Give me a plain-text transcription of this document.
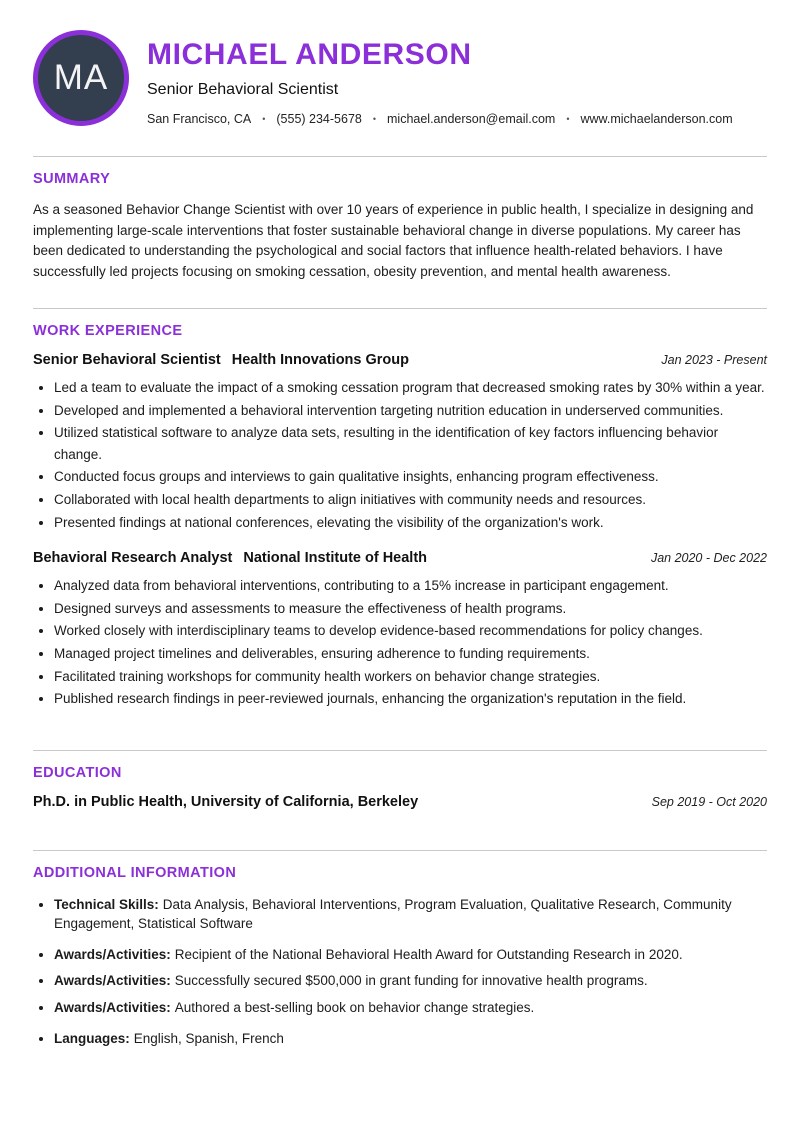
MA
MICHAEL ANDERSON
Senior Behavioral Scientist
San Francisco, CA • (555) 234-5678 • michael.anderson@email.com • www.michaelanderson.com
SUMMARY
As a seasoned Behavior Change Scientist with over 10 years of experience in public health, I specialize in designing and implementing large-scale interventions that foster sustainable behavioral change in diverse populations. My career has been dedicated to understanding the psychological and social factors that influence health-related behaviors. I have successfully led projects focusing on smoking cessation, obesity prevention, and mental health awareness.
WORK EXPERIENCE
Senior Behavioral Scientist Health Innovations Group	Jan 2023 - Present
• Led a team to evaluate the impact of a smoking cessation program that decreased smoking rates by 30% within a year.
• Developed and implemented a behavioral intervention targeting nutrition education in underserved communities.
• Utilized statistical software to analyze data sets, resulting in the identification of key factors influencing behavior change.
• Conducted focus groups and interviews to gain qualitative insights, enhancing program effectiveness.
• Collaborated with local health departments to align initiatives with community needs and resources.
• Presented findings at national conferences, elevating the visibility of the organization's work.
Behavioral Research Analyst National Institute of Health	Jan 2020 - Dec 2022
• Analyzed data from behavioral interventions, contributing to a 15% increase in participant engagement.
• Designed surveys and assessments to measure the effectiveness of health programs.
• Worked closely with interdisciplinary teams to develop evidence-based recommendations for policy changes.
• Managed project timelines and deliverables, ensuring adherence to funding requirements.
• Facilitated training workshops for community health workers on behavior change strategies.
• Published research findings in peer-reviewed journals, enhancing the organization's reputation in the field.
EDUCATION
Ph.D. in Public Health, University of California, Berkeley	Sep 2019 - Oct 2020
ADDITIONAL INFORMATION
• Technical Skills: Data Analysis, Behavioral Interventions, Program Evaluation, Qualitative Research, Community Engagement, Statistical Software
• Awards/Activities: Recipient of the National Behavioral Health Award for Outstanding Research in 2020.
• Awards/Activities: Successfully secured $500,000 in grant funding for innovative health programs.
• Awards/Activities: Authored a best-selling book on behavior change strategies.
• Languages: English, Spanish, French
